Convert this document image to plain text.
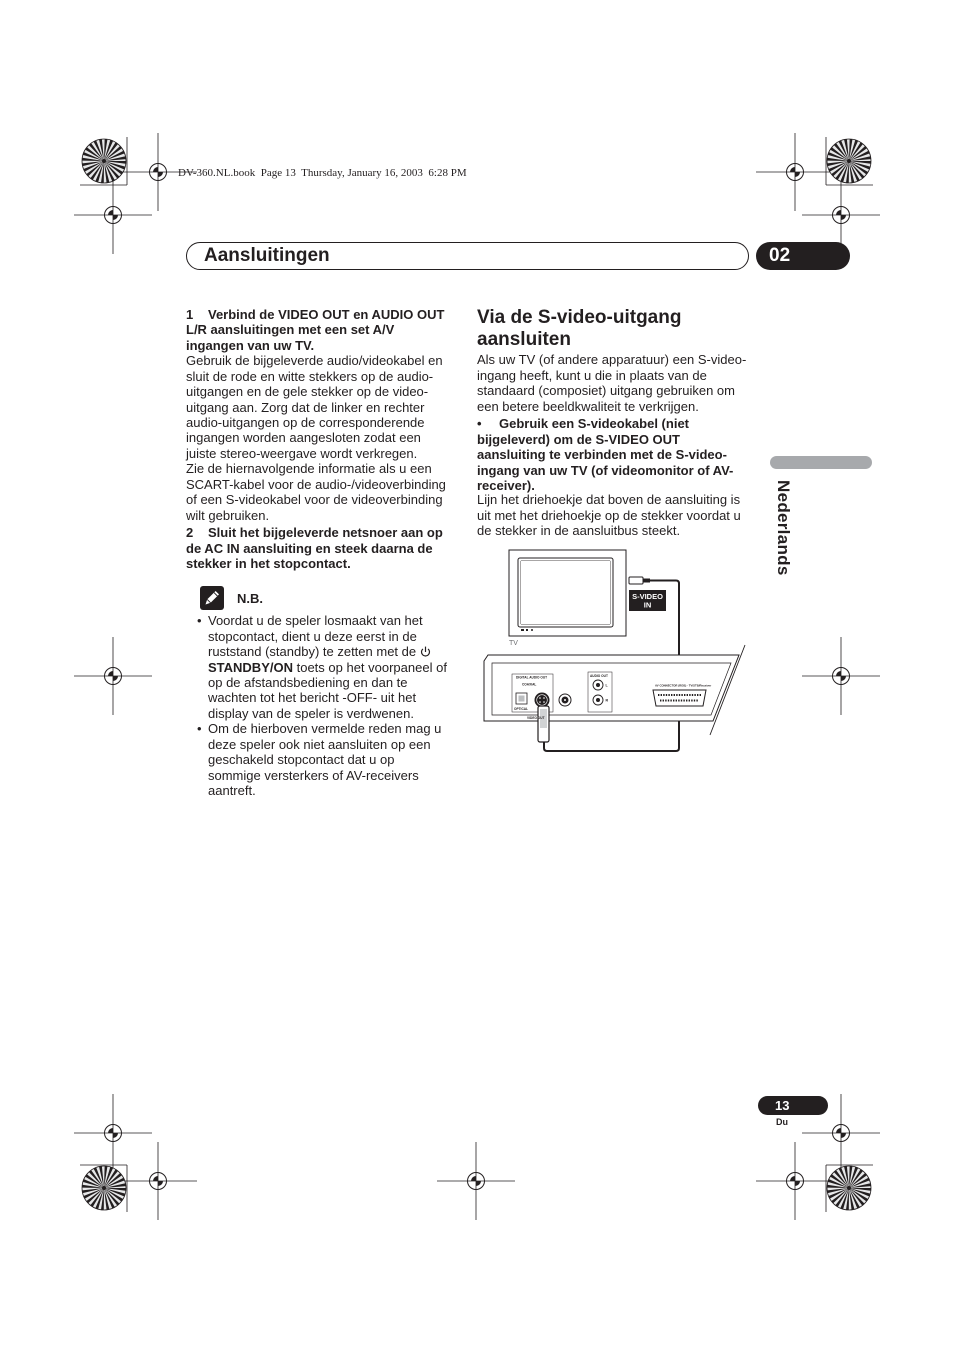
DV-360.NL.book  Page 13  Thursday, January 16, 2003  6:28 PM
Aansluitingen	02
Nederlands
1 Verbind de VIDEO OUT en AUDIO OUT
L/R aansluitingen met een set A/V
ingangen van uw TV.
Gebruik de bijgeleverde audio/videokabel en
sluit de rode en witte stekkers op de audio-
uitgangen en de gele stekker op de video-
uitgang aan. Zorg dat de linker en rechter
audio-uitgangen op de corresponderende
ingangen worden aangesloten zodat een
juiste stereo-weergave wordt verkregen.
Zie de hiernavolgende informatie als u een
SCART-kabel voor de audio-/videoverbinding
of een S-videokabel voor de videoverbinding
wilt gebruiken.
2 Sluit het bijgeleverde netsnoer aan op
de AC IN aansluiting en steek daarna de
stekker in het stopcontact.
N.B.
• Voordat u de speler losmaakt van het
stopcontact, dient u deze eerst in de
ruststand (standby) te zetten met de
STANDBY/ON toets op het voorpaneel of
op de afstandsbediening en dan te
wachten tot het bericht -OFF- uit het
display van de speler is verdwenen.
• Om de hierboven vermelde reden mag u
deze speler ook niet aansluiten op een
geschakeld stopcontact dat u op
sommige versterkers of AV-receivers
aantreft.
Via de S-video-uitgang
aansluiten
Als uw TV (of andere apparatuur) een S-video-
ingang heeft, kunt u die in plaats van de
standaard (composiet) uitgang gebruiken om
een betere beeldkwaliteit te verkrijgen.
• Gebruik een S-videokabel (niet
bijgeleverd) om de S-VIDEO OUT
aansluiting te verbinden met de S-video-
ingang van uw TV (of videomonitor of AV-
receiver).
Lijn het driehoekje dat boven de aansluiting is
uit met het driehoekje op de stekker voordat u
de stekker in de aansluitbus steekt.
TV
S-VIDEO
IN
DIGITAL AUDIO OUT
COAXIAL
OPTICAL
VIDEO OUT
AUDIO OUT
L
R
AV CONNECTOR (RGB) - TV/STB/Receiver
13
Du
